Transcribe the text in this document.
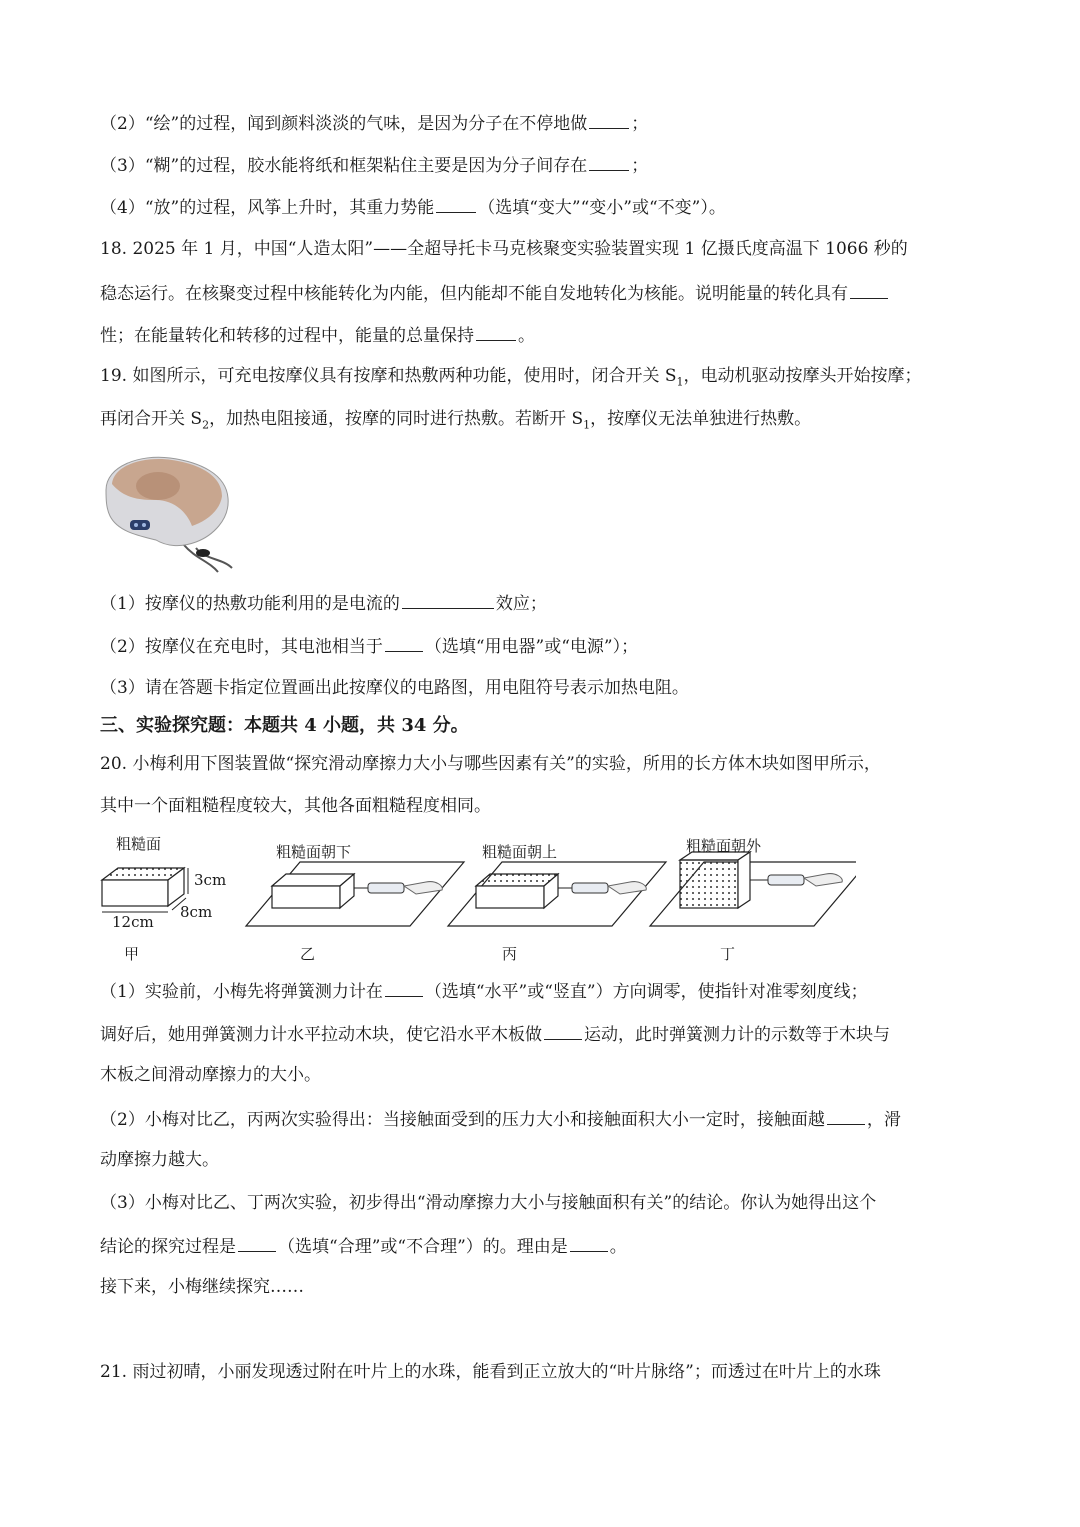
（2）“绘”的过程，闻到颜料淡淡的气味，是因为分子在不停地做	；
（3）“糊”的过程，胶水能将纸和框架粘住主要是因为分子间存在	；
（4）“放”的过程，风筝上升时，其重力势能	（选填“变大”“变小”或“不变”）。
18. 2025 年 1 月，中国“人造太阳”——全超导托卡马克核聚变实验装置实现 1 亿摄氏度高温下 1066 秒的
稳态运行。在核聚变过程中核能转化为内能，但内能却不能自发地转化为核能。说明能量的转化具有
性；在能量转化和转移的过程中，能量的总量保持	。
19. 如图所示，可充电按摩仪具有按摩和热敷两种功能，使用时，闭合开关 $S_1$，电动机驱动按摩头开始按摩；
再闭合开关 $S_2$，加热电阻接通，按摩的同时进行热敷。若断开 $S_1$，按摩仪无法单独进行热敷。
（1）按摩仪的热敷功能利用的是电流的	效应；
（2）按摩仪在充电时，其电池相当于 （选填“用电器”或“电源”）；
（3）请在答题卡指定位置画出此按摩仪的电路图，用电阻符号表示加热电阻。
三、实验探究题：本题共 4 小题，共 34 分。
20. 小梅利用下图装置做“探究滑动摩擦力大小与哪些因素有关”的实验，所用的长方体木块如图甲所示，
其中一个面粗糙程度较大，其他各面粗糙程度相同。
粗糙面
3cm
8cm
12cm
粗糙面朝下	粗糙面朝上	粗糙面朝外
甲	乙	丙	丁
（1）实验前，小梅先将弹簧测力计在 （选填“水平”或“竖直”）方向调零，使指针对准零刻度线；
调好后，她用弹簧测力计水平拉动木块，使它沿水平木板做 运动，此时弹簧测力计的示数等于木块与
木板之间滑动摩擦力的大小。
（2）小梅对比乙，丙两次实验得出：当接触面受到的压力大小和接触面积大小一定时，接触面越 ，滑
动摩擦力越大。
（3）小梅对比乙、丁两次实验，初步得出“滑动摩擦力大小与接触面积有关”的结论。你认为她得出这个
结论的探究过程是 （选填“合理”或“不合理”）的。理由是 。
接下来，小梅继续探究……
21. 雨过初晴，小丽发现透过附在叶片上的水珠，能看到正立放大的“叶片脉络”；而透过在叶片上的水珠
